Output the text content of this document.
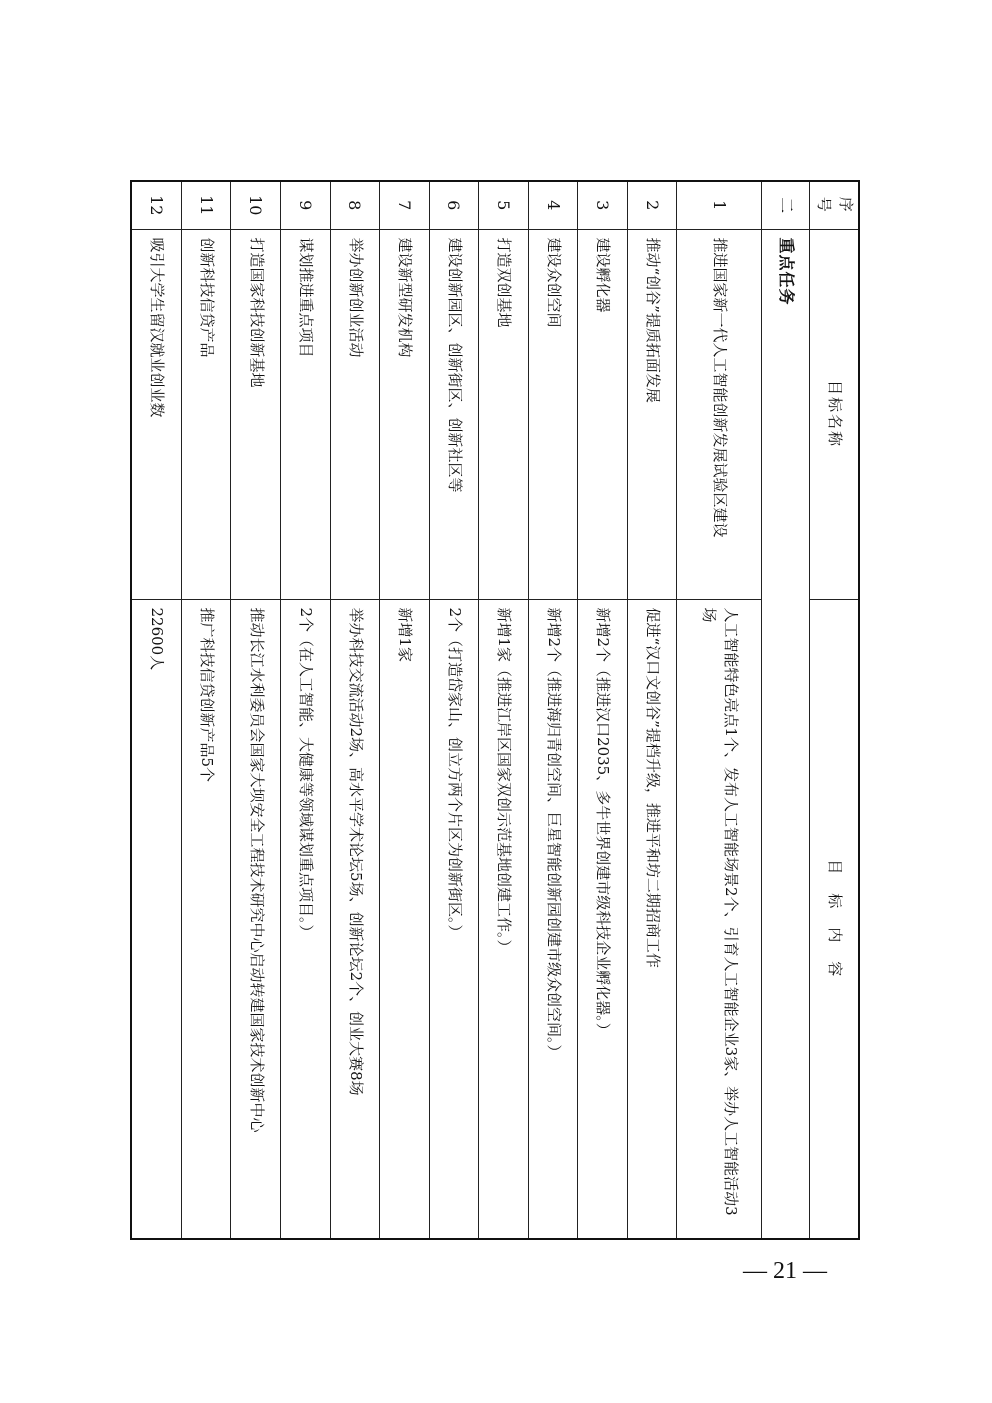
序号	目标名称	目　标　内　容
二	重点任务	
1	推进国家新一代人工智能创新发展试验区建设	人工智能特色亮点1个、发布人工智能场景2个、引育人工智能企业3家、举办人工智能活动3场
2	推动“创谷”提质拓面发展	促进“汉口文创谷”提档升级，推进平和坊二期招商工作
3	建设孵化器	新增2个（推进汉口2035、多牛世界创建市级科技企业孵化器。）
4	建设众创空间	新增2个（推进海归青创空间、巨星智能创新园创建市级众创空间。）
5	打造双创基地	新增1家（推进江岸区国家双创示范基地创建工作。）
6	建设创新园区、创新街区、创新社区等	2个（打造岱家山、创立方两个片区为创新街区。）
7	建设新型研发机构	新增1家
8	举办创新创业活动	举办科技交流活动2场、高水平学术论坛5场、创新论坛2个、创业大赛8场
9	谋划推进重点项目	2个（在人工智能、大健康等领域谋划重点项目。）
10	打造国家科技创新基地	推动长江水利委员会国家大坝安全工程技术研究中心启动转建国家技术创新中心
11	创新科技信贷产品	推广科技信贷创新产品5个
12	吸引大学生留汉就业创业数	22600人
— 21 —
